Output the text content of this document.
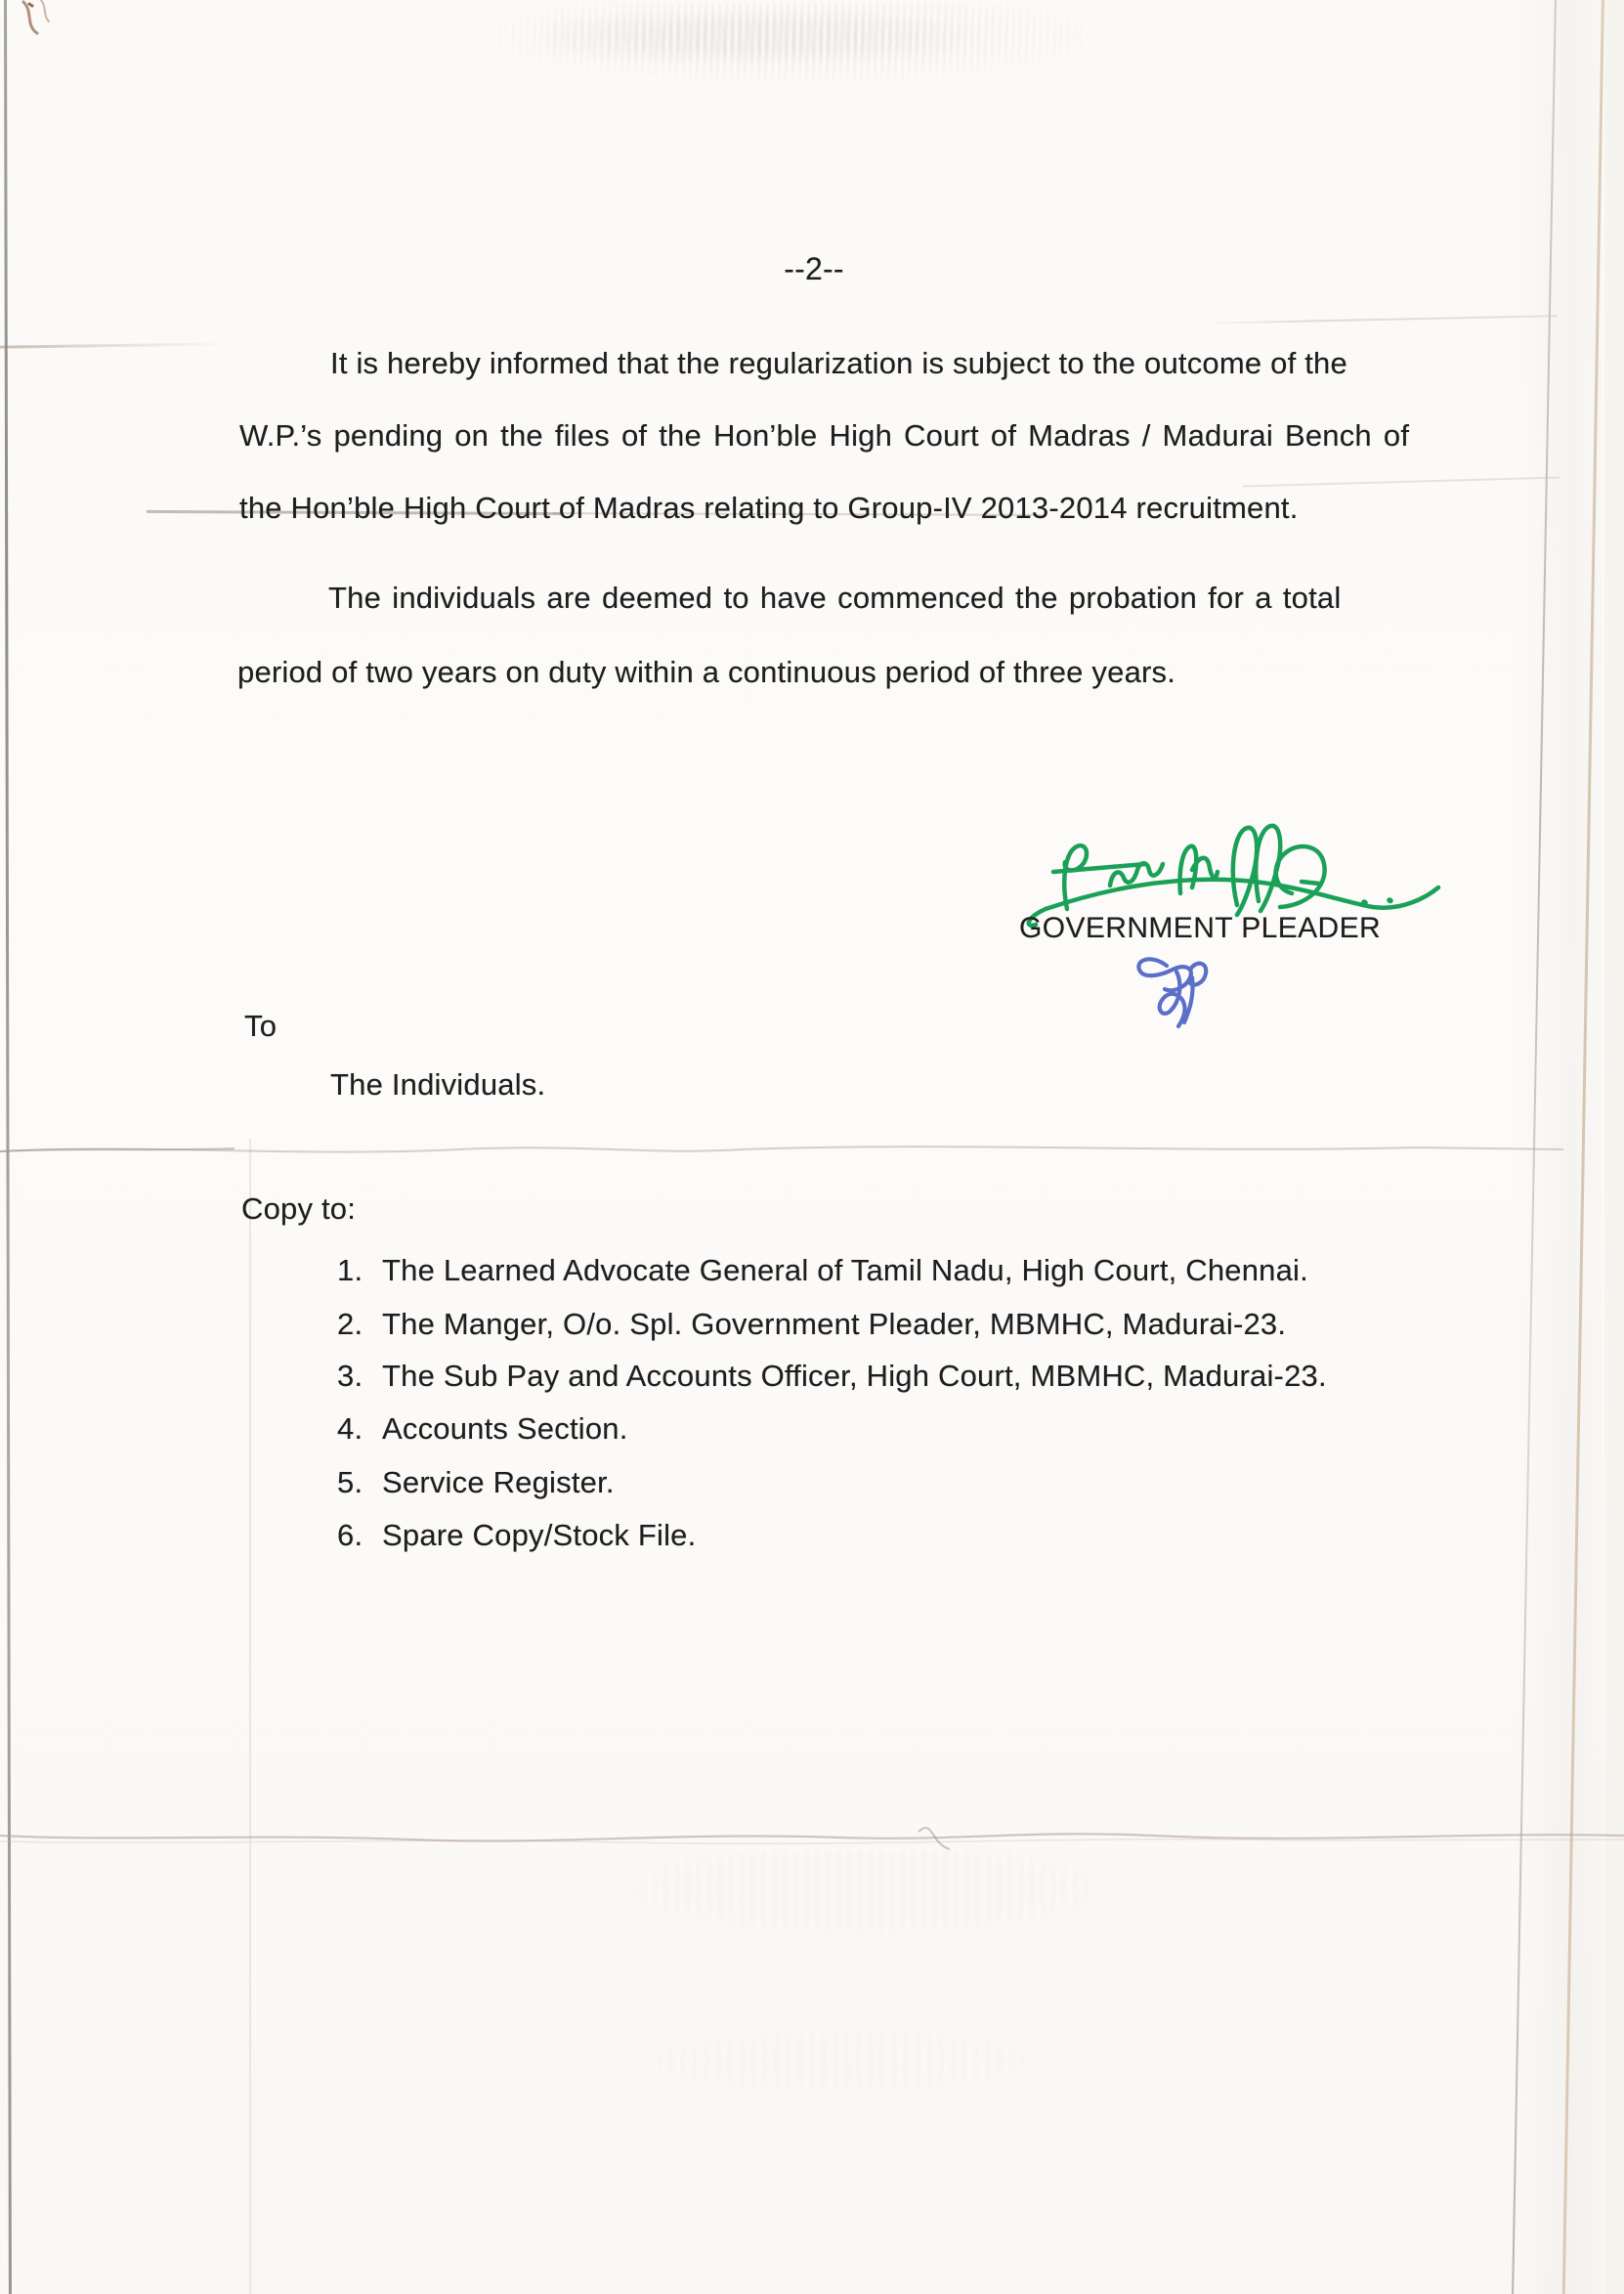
--2--
It is hereby informed that the regularization is subject to the outcome of the
W.P.’s pending on the files of the Hon’ble High Court of Madras / Madurai Bench of
the Hon’ble High Court of Madras relating to Group-IV 2013-2014 recruitment.
The individuals are deemed to have commenced the probation for a total
period of two years on duty within a continuous period of three years.
GOVERNMENT PLEADER
To
The Individuals.
Copy to:
1. The Learned Advocate General of Tamil Nadu, High Court, Chennai.
2. The Manger, O/o. Spl. Government Pleader, MBMHC, Madurai-23.
3. The Sub Pay and Accounts Officer, High Court, MBMHC, Madurai-23.
4. Accounts Section.
5. Service Register.
6. Spare Copy/Stock File.
